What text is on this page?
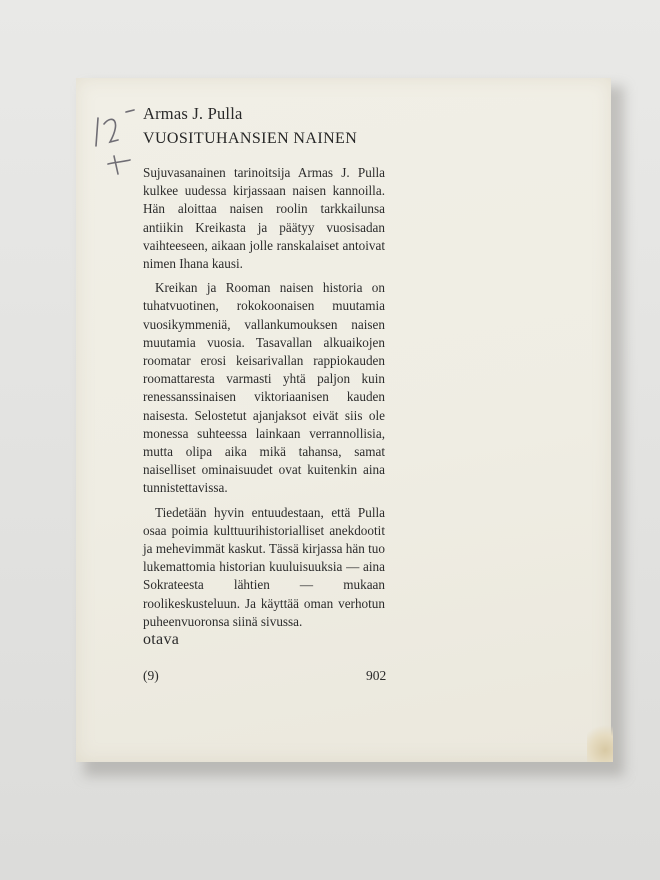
Armas J. Pulla
VUOSITUHANSIEN NAINEN

Sujuvasanainen tarinoitsija Armas J. Pulla kulkee uudessa kirjassaan naisen kannoilla. Hän aloittaa naisen roolin tarkkailunsa antiikin Kreikasta ja päätyy vuosisadan vaihteeseen, aikaan jolle ranskalaiset antoivat nimen Ihana kausi.

Kreikan ja Rooman naisen historia on tuhatvuotinen, rokokoonaisen muutamia vuosikymmeniä, vallankumouksen naisen muutamia vuosia. Tasavallan alkuaikojen roomatar erosi keisarivallan rappiokauden roomattaresta varmasti yhtä paljon kuin renessanssinaisen viktoriaanisen kauden naisesta. Selostetut ajanjaksot eivät siis ole monessa suhteessa lainkaan verrannollisia, mutta olipa aika mikä tahansa, samat naiselliset ominaisuudet ovat kuitenkin aina tunnistettavissa.

Tiedetään hyvin entuudestaan, että Pulla osaa poimia kulttuurihistorialliset anekdootit ja mehevimmät kaskut. Tässä kirjassa hän tuo lukemattomia historian kuuluisuuksia — aina Sokrateesta lähtien — mukaan roolikeskusteluun. Ja käyttää oman verhotun puheenvuoronsa siinä sivussa.

otava
(9)	902
